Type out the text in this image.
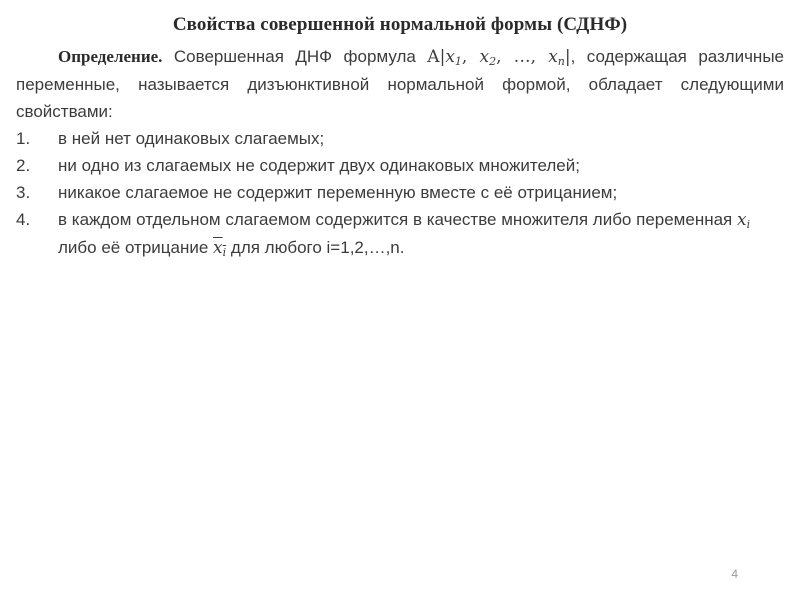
Свойства совершенной нормальной формы (СДНФ)

Определение. Совершенная ДНФ формула $A|x_1$, $x_2$, …, $x_n|$, содержащая различные переменные, называется дизъюнктивной нормальной формой, обладает следующими свойствами:

1. в ней нет одинаковых слагаемых;
2. ни одно из слагаемых не содержит двух одинаковых множителей;
3. никакое слагаемое не содержит переменную вместе с её отрицанием;
4. в каждом отдельном слагаемом содержится в качестве множителя либо переменная $x_i$ либо её отрицание $x_i$ для любого i=1,2,…,n.
4
